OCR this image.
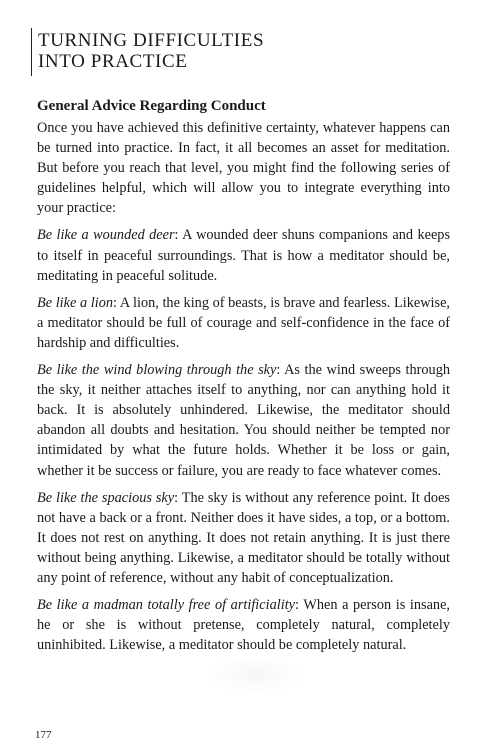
TURNING DIFFICULTIES
INTO PRACTICE
General Advice Regarding Conduct

Once you have achieved this definitive certainty, whatever happens can be turned into practice. In fact, it all becomes an asset for meditation. But before you reach that level, you might find the following series of guidelines helpful, which will allow you to integrate everything into your practice:

Be like a wounded deer: A wounded deer shuns companions and keeps to itself in peaceful surroundings. That is how a meditator should be, meditating in peaceful solitude.

Be like a lion: A lion, the king of beasts, is brave and fearless. Likewise, a meditator should be full of courage and self-confidence in the face of hardship and difficulties.

Be like the wind blowing through the sky: As the wind sweeps through the sky, it neither attaches itself to anything, nor can anything hold it back. It is absolutely unhindered. Likewise, the meditator should abandon all doubts and hesitation. You should neither be tempted nor intimidated by what the future holds. Whether it be loss or gain, whether it be success or failure, you are ready to face whatever comes.

Be like the spacious sky: The sky is without any reference point. It does not have a back or a front. Neither does it have sides, a top, or a bottom. It does not rest on anything. It does not retain anything. It is just there without being anything. Likewise, a meditator should be totally without any point of reference, without any habit of conceptualization.

Be like a madman totally free of artificiality: When a person is insane, he or she is without pretense, completely natural, completely uninhibited. Likewise, a meditator should be completely natural.

177
